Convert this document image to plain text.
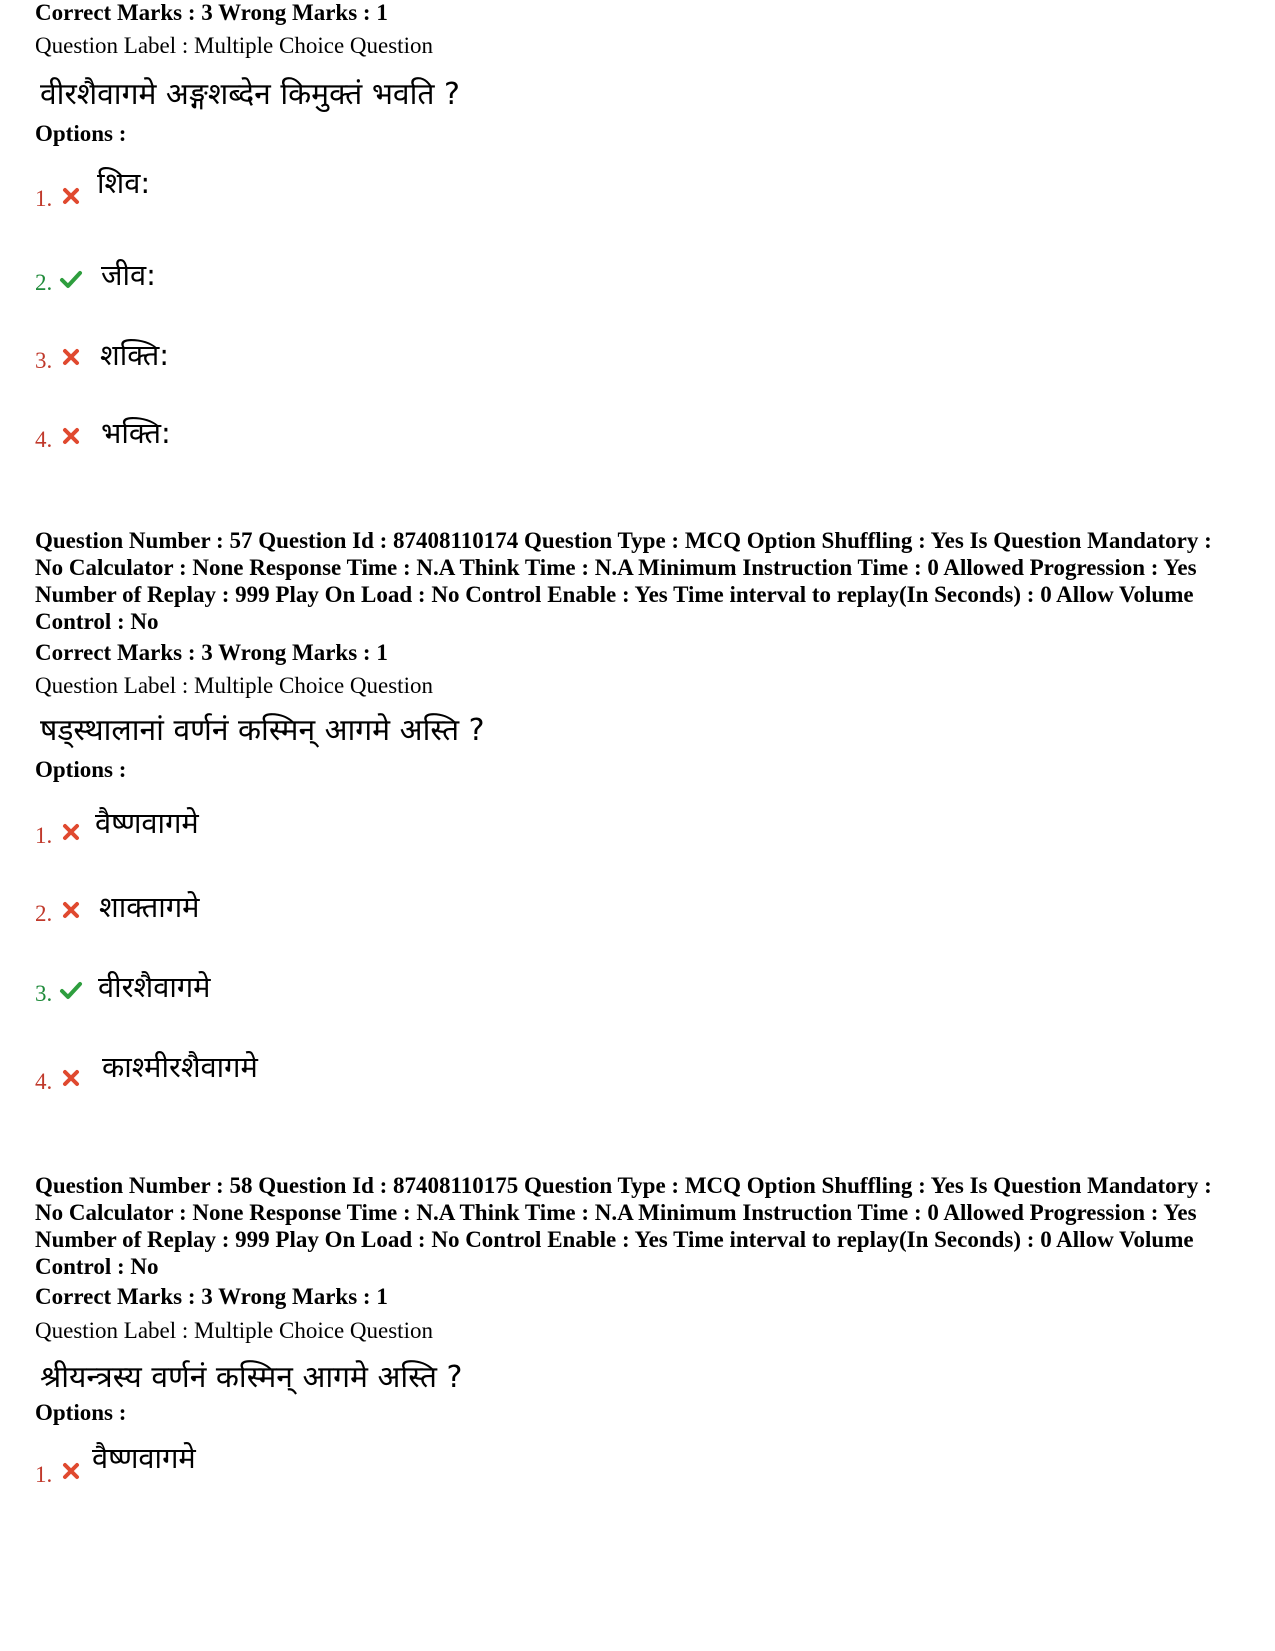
Correct Marks : 3 Wrong Marks : 1
Question Label : Multiple Choice Question
वीरशैवागमे अङ्गशब्देन किमुक्तं भवति ?
Options :
1. शिव:
2. जीव:
3. शक्ति:
4. भक्ति:
Question Number : 57 Question Id : 87408110174 Question Type : MCQ Option Shuffling : Yes Is Question Mandatory : No Calculator : None Response Time : N.A Think Time : N.A Minimum Instruction Time : 0 Allowed Progression : Yes Number of Replay : 999 Play On Load : No Control Enable : Yes Time interval to replay(In Seconds) : 0 Allow Volume Control : No
Correct Marks : 3 Wrong Marks : 1
Question Label : Multiple Choice Question
षड्स्थालानां वर्णनं कस्मिन् आगमे अस्ति ?
Options :
1. वैष्णवागमे
2. शाक्तागमे
3. वीरशैवागमे
4. काश्मीरशैवागमे
Question Number : 58 Question Id : 87408110175 Question Type : MCQ Option Shuffling : Yes Is Question Mandatory : No Calculator : None Response Time : N.A Think Time : N.A Minimum Instruction Time : 0 Allowed Progression : Yes Number of Replay : 999 Play On Load : No Control Enable : Yes Time interval to replay(In Seconds) : 0 Allow Volume Control : No
Correct Marks : 3 Wrong Marks : 1
Question Label : Multiple Choice Question
श्रीयन्त्रस्य वर्णनं कस्मिन् आगमे अस्ति ?
Options :
1. वैष्णवागमे
